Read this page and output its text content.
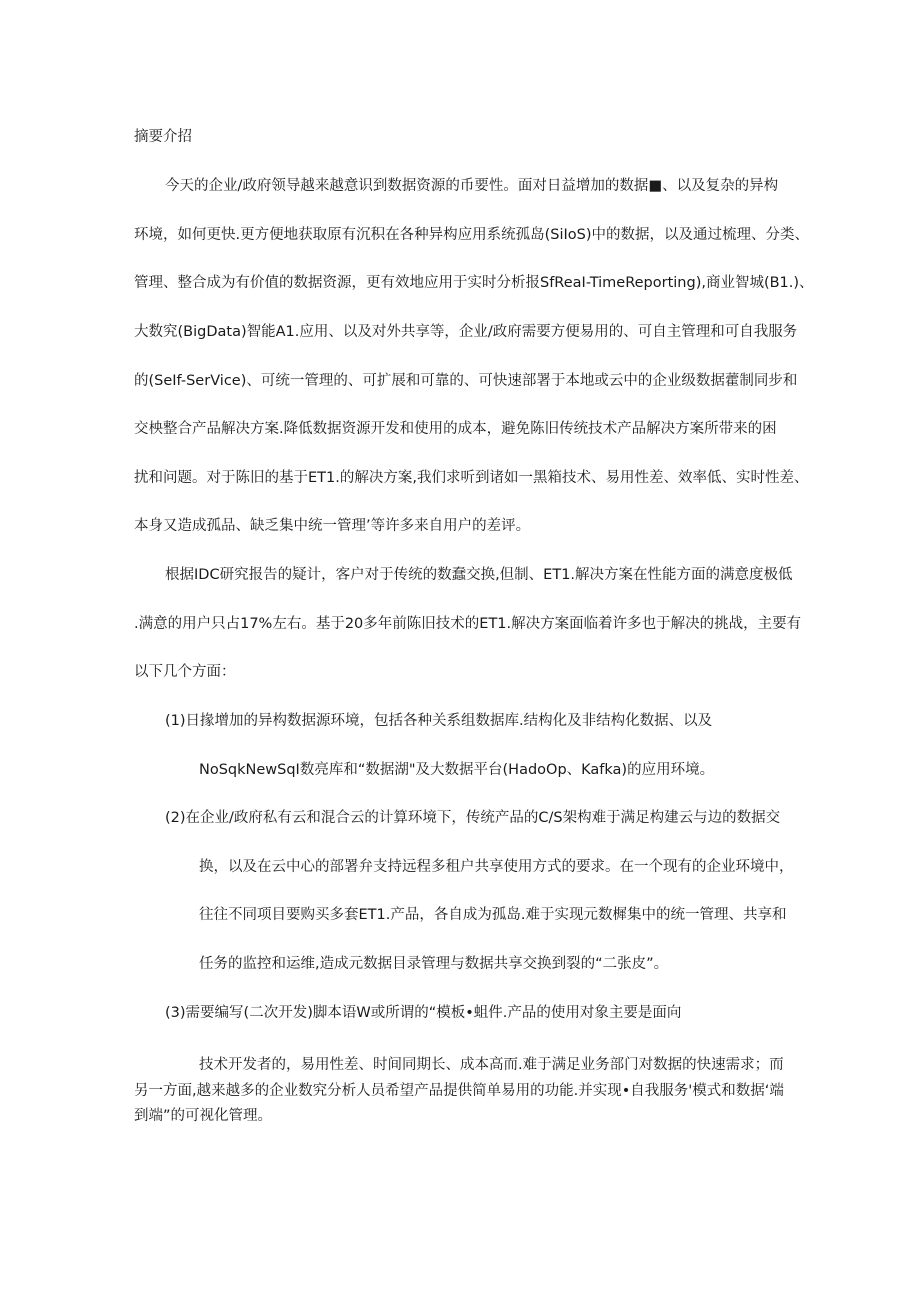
摘要介招
今天的企业/政府领导越来越意识到数据资源的币要性。面对日益增加的数据■、以及复杂的异构
环境，如何更快.更方便地获取原有沉积在各种异构应用系统孤岛(SiIoS)中的数据，以及通过梳理、分类、
管理、整合成为有价值的数据资源，更有效地应用于实时分析报SfReaI-TimeReporting),商业智城(B1.)、
大数究(BigData)智能A1.应用、以及对外共享等，企业/政府需要方便易用的、可自主管理和可自我服务
的(SeIf-SerVice)、可统一管理的、可扩展和可靠的、可快速部署于本地或云中的企业级数据藿制同步和
交柍整合产品解决方案.降低数据资源开发和使用的成本，避免陈旧传统技术产品解决方案所带来的困
扰和问题。对于陈旧的基于ET1.的解决方案,我们求听到诸如一黑箱技术、易用性差、效率低、实时性差、
本身又造成孤品、缺乏集中统一管理’等许多来自用户的差评。
根据IDC研究报告的疑计，客户对于传统的数蠢交换,但制、ET1.解决方案在性能方面的满意度极低
.满意的用户只占17%左右。基于20多年前陈旧技术的ET1.解决方案面临着许多也于解决的挑战，主要有
以下几个方面：
(1)日掾增加的异构数据源环境，包括各种关系组数据库.结构化及非结构化数据、以及
NoSqkNewSqI数亮库和“数据湖"及大数据平台(HadoOp、Kafka)的应用环境。
(2)在企业/政府私有云和混合云的计算环境下，传统产品的C/S架构难于满足构建云与边的数据交
换，以及在云中心的部署弁支持远程多租户共享使用方式的要求。在一个现有的企业环境中，
往往不同项目要购买多套ET1.产品，各自成为孤岛.难于实现元数樨集中的统一管理、共享和
任务的监控和运维,造成元数据目录管理与数据共享交换到裂的“二张皮”。
(3)需要编写(二次开发)脚本语W或所谓的“模板•蛆件.产品的使用对象主要是面向
技术开发者的，易用性差、时间同期长、成本高而.难于满足业务部门对数据的快速需求；而
另一方面,越来越多的企业数究分析人员希望产品提供简单易用的功能.并实现•自我服务'模式和数据‘端
到端”的可视化管理。
